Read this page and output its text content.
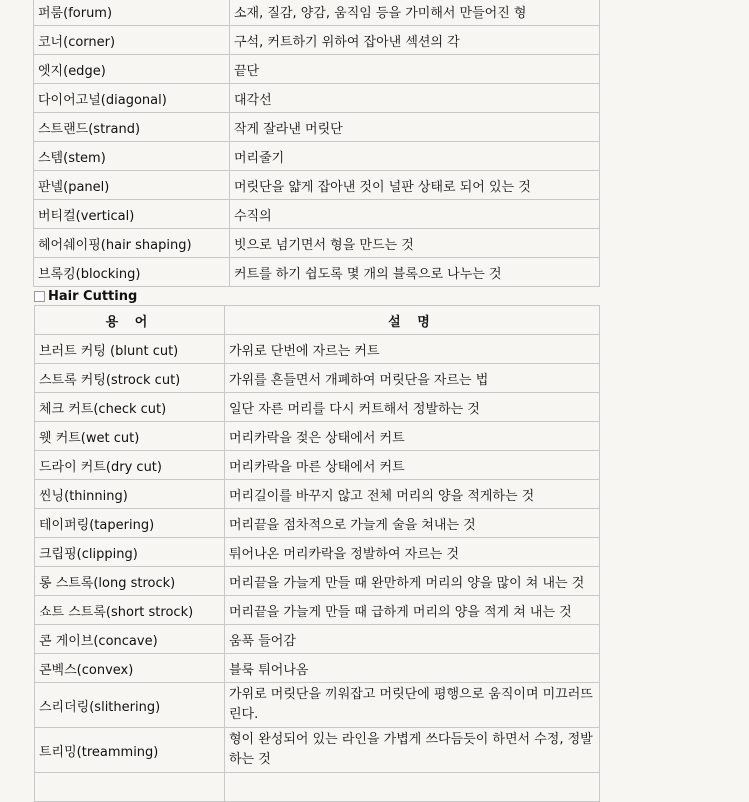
퍼룸(forum)	소재, 질감, 양감, 움직임 등을 가미해서 만들어진 형
코너(corner)	구석, 커트하기 위하여 잡아낸 섹션의 각
엣지(edge)	끝단
다이어고널(diagonal)	대각선
스트랜드(strand)	작게 잘라낸 머릿단
스템(stem)	머리줄기
판넬(panel)	머릿단을 얇게 잡아낸 것이 널판 상태로 되어 있는 것
버티컬(vertical)	수직의
헤어쉐이핑(hair shaping)	빗으로 넘기면서 형을 만드는 것
브록킹(blocking)	커트를 하기 쉽도록 몇 개의 블록으로 나누는 것
Hair Cutting
용 어	설 명
브러트 커팅 (blunt cut)	가위로 단번에 자르는 커트
스트록 커팅(strock cut)	가위를 흔들면서 개폐하여 머릿단을 자르는 법
체크 커트(check cut)	일단 자른 머리를 다시 커트해서 정발하는 것
웻 커트(wet cut)	머리카락을 젖은 상태에서 커트
드라이 커트(dry cut)	머리카락을 마른 상태에서 커트
씬닝(thinning)	머리길이를 바꾸지 않고 전체 머리의 양을 적게하는 것
테이퍼링(tapering)	머리끝을 점차적으로 가늘게 술을 쳐내는 것
크립핑(clipping)	튀어나온 머리카락을 정발하여 자르는 것
롱 스트록(long strock)	머리끝을 가늘게 만들 때 완만하게 머리의 양을 많이 쳐 내는 것
쇼트 스트록(short strock)	머리끝을 가늘게 만들 때 급하게 머리의 양을 적게 쳐 내는 것
콘 게이브(concave)	움푹 들어감
콘벡스(convex)	블룩 튀어나옴
스리더링(slithering)	가위로 머릿단을 끼워잡고 머릿단에 평행으로 움직이며 미끄러뜨린다.
트리밍(treamming)	형이 완성되어 있는 라인을 가볍게 쓰다듬듯이 하면서 수정, 정발하는 것
